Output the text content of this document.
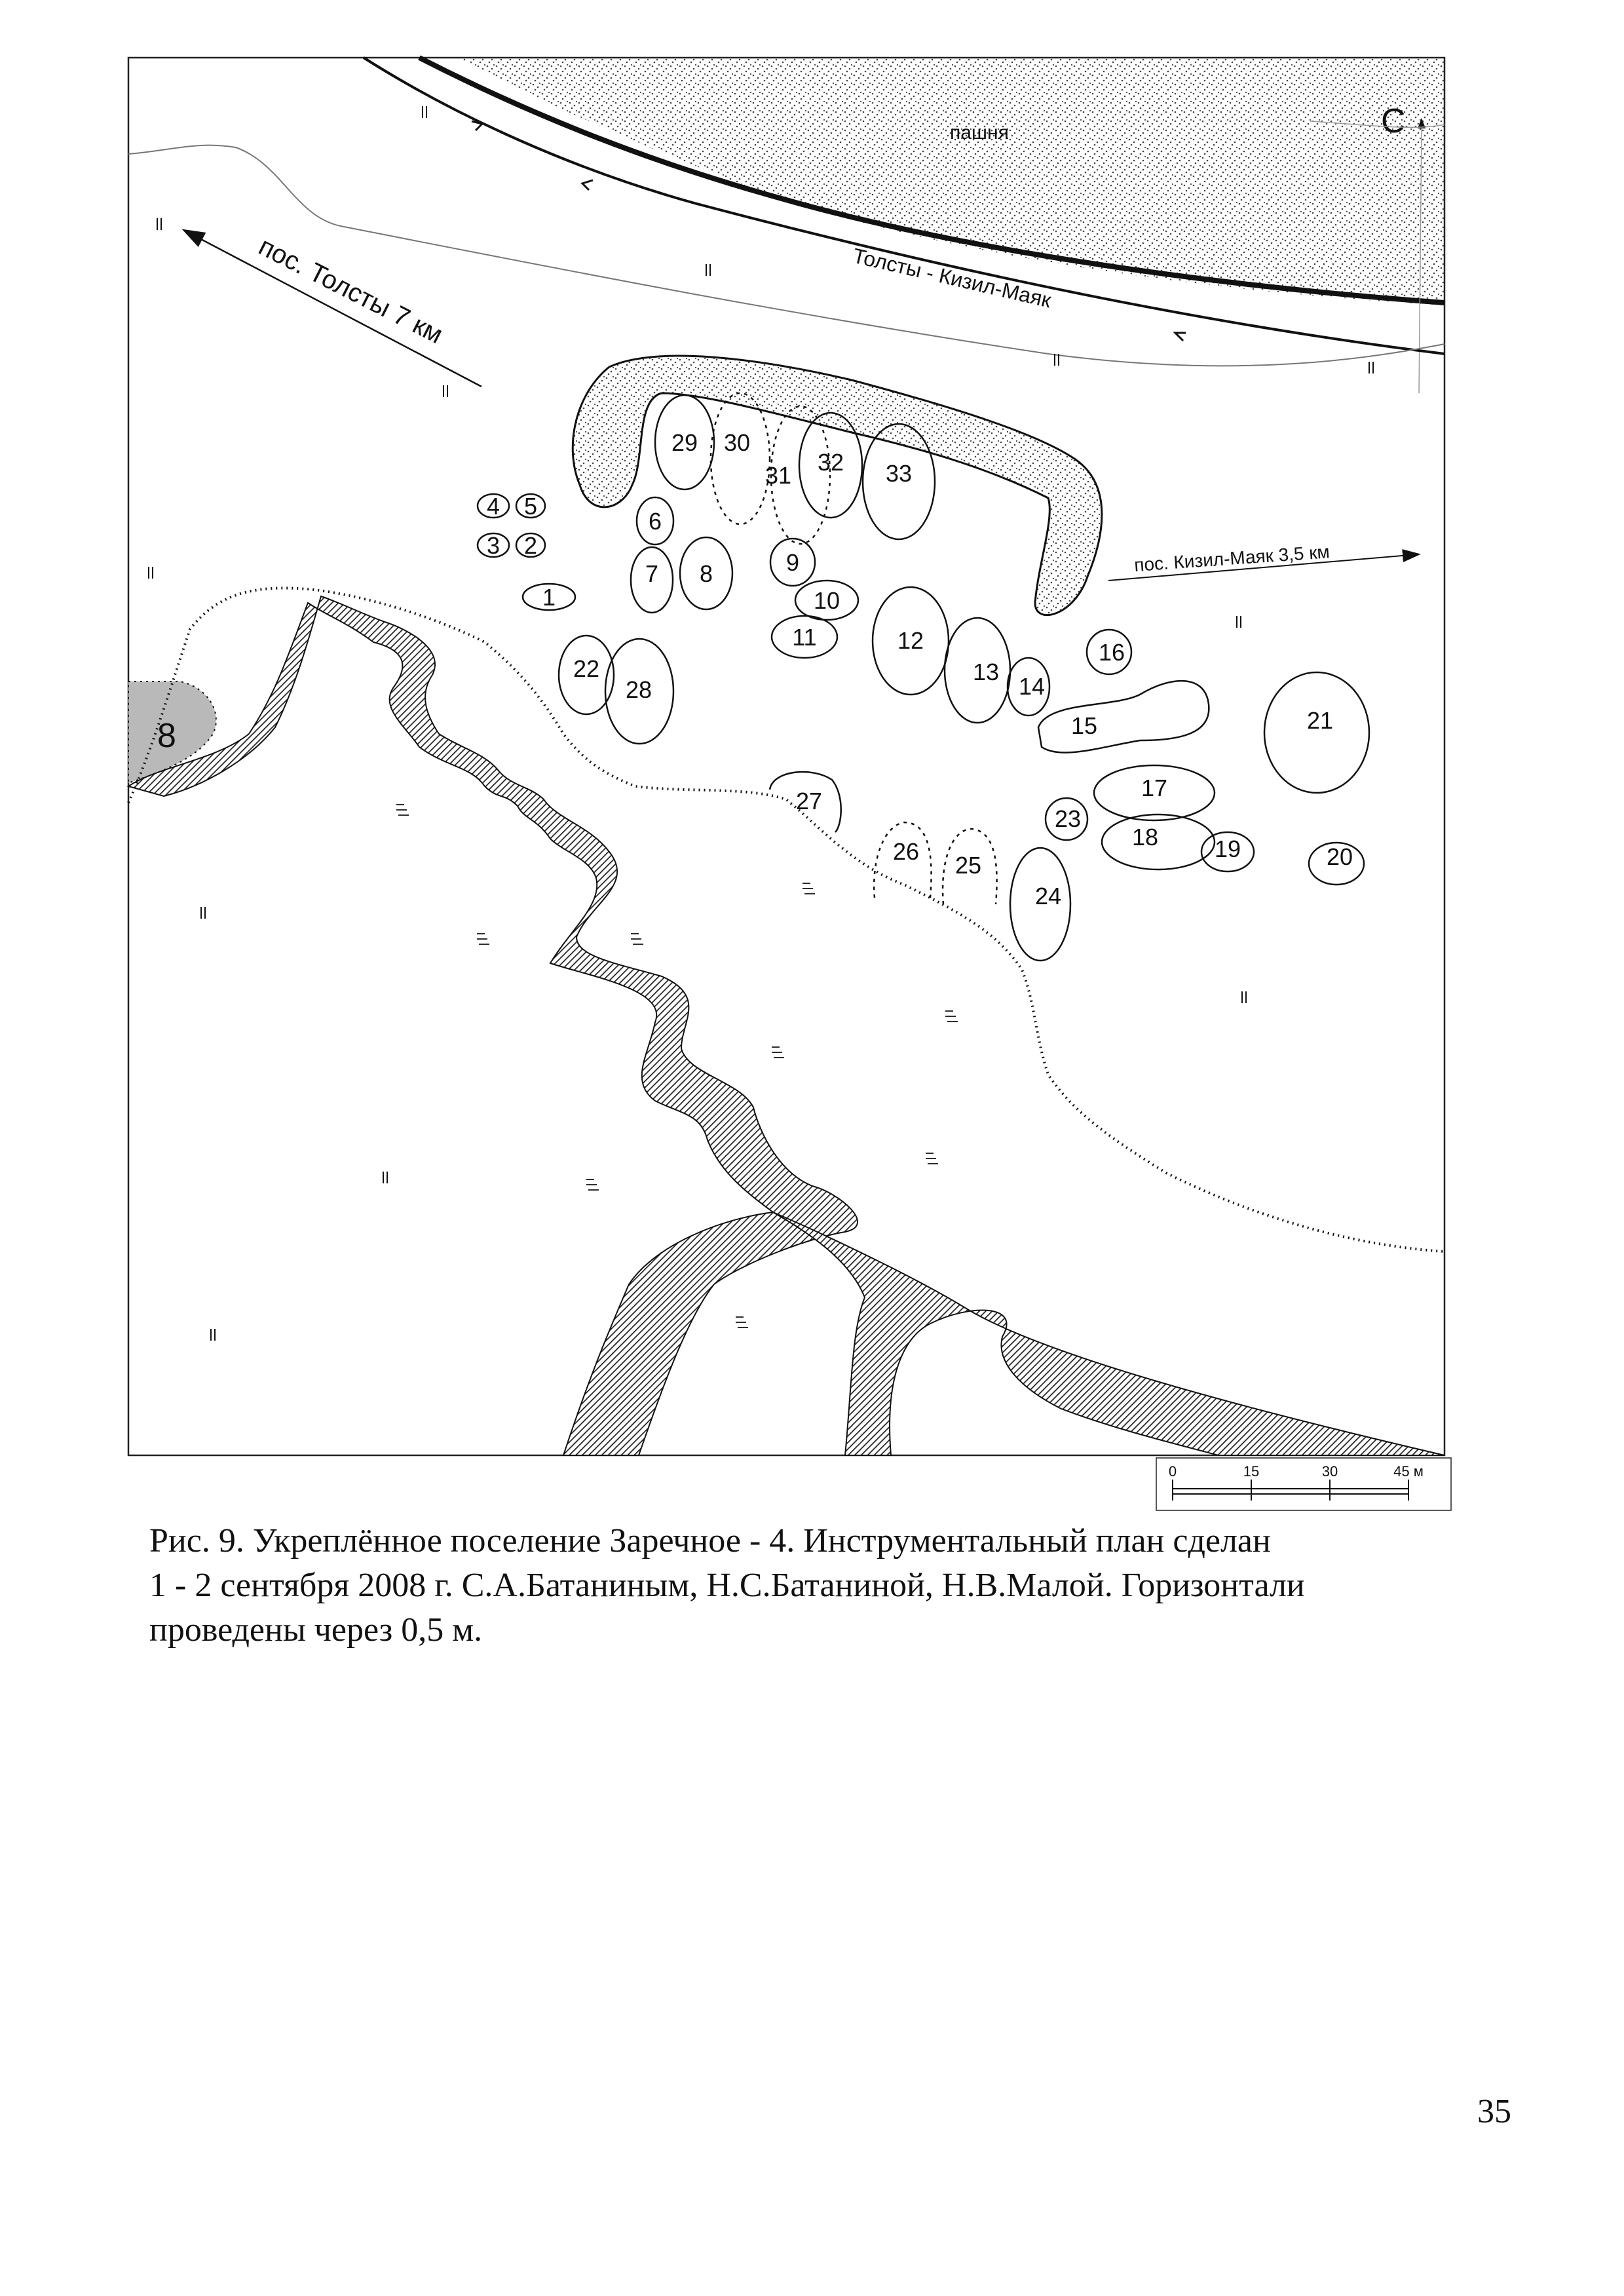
пашня	С
Толсты - Кизил-Маяк
пос. Толсты 7 км
пос. Кизил-Маяк 3,5 км
8
1
2
3
4 5
6
7 8	9
10
11	12
13
14
15
16
17
18 19	20
21
22
23
24
25
26
27
28
29 30
31 32 33
0	15	30	45 м
Рис. 9. Укреплённое поселение Заречное - 4. Инструментальный план сделан
1 - 2 сентября 2008 г. С.А.Батаниным, Н.С.Батаниной, Н.В.Малой. Горизонтали
проведены через 0,5 м.
35
